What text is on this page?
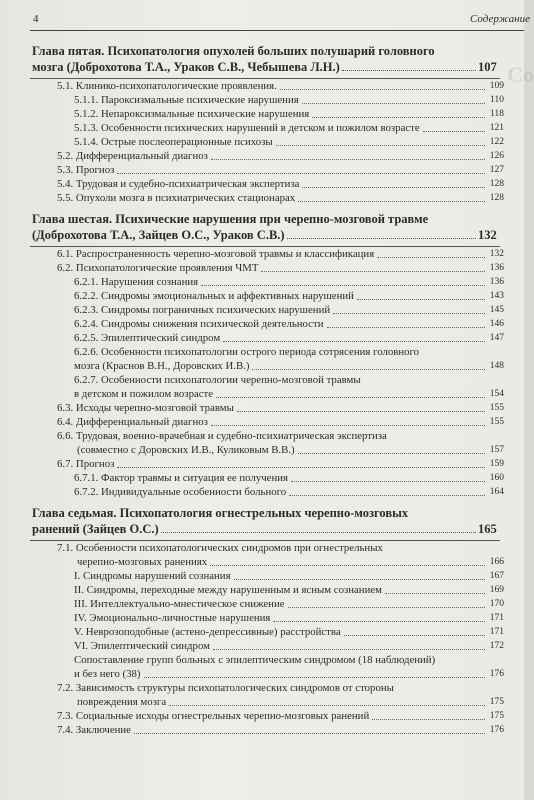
4	Содержание
Co
Глава пятая. Психопатология опухолей больших полушарий головного
мозга (Доброхотова Т.А., Ураков С.В., Чебышева Л.Н.)	107
5.1. Клинико-психопатологические проявления.	109
5.1.1. Пароксизмальные психические нарушения	110
5.1.2. Непароксизмальные психические нарушения	118
5.1.3. Особенности психических нарушений в детском и пожилом возрасте	121
5.1.4. Острые послеоперационные психозы	122
5.2. Дифференциальный диагноз	126
5.3. Прогноз	127
5.4. Трудовая и судебно-психиатрическая экспертиза	128
5.5. Опухоли мозга в психиатрических стационарах	128
Глава шестая. Психические нарушения при черепно-мозговой травме
(Доброхотова Т.А., Зайцев О.С., Ураков С.В.)	132
6.1. Распространенность черепно-мозговой травмы и классификация	132
6.2. Психопатологические проявления ЧМТ	136
6.2.1. Нарушения сознания	136
6.2.2. Синдромы эмоциональных и аффективных нарушений	143
6.2.3. Синдромы пограничных психических нарушений	145
6.2.4. Синдромы снижения психической деятельности	146
6.2.5. Эпилептический синдром	147
6.2.6. Особенности психопатологии острого периода сотрясения головного
мозга (Краснов В.Н., Доровских И.В.)	148
6.2.7. Особенности психопатологии черепно-мозговой травмы
в детском и пожилом возрасте	154
6.3. Исходы черепно-мозговой травмы	155
6.4. Дифференциальный диагноз	155
6.6. Трудовая, военно-врачебная и судебно-психиатрическая экспертиза
(совместно с Доровских И.В., Куликовым В.В.)	157
6.7. Прогноз	159
6.7.1. Фактор травмы и ситуация ее получения	160
6.7.2. Индивидуальные особенности больного	164
Глава седьмая. Психопатология огнестрельных черепно-мозговых
ранений (Зайцев О.С.)	165
7.1. Особенности психопатологических синдромов при огнестрельных
черепно-мозговых ранениях	166
I. Синдромы нарушений сознания	167
II. Синдромы, переходные между нарушенным и ясным сознанием	169
III. Интеллектуально-мнестическое снижение	170
IV. Эмоционально-личностные нарушения	171
V. Неврозоподобные (астено-депрессивные) расстройства	171
VI. Эпилептический синдром	172
Сопоставление групп больных с эпилептическим синдромом (18 наблюдений)
и без него (38)	176
7.2. Зависимость структуры психопатологических синдромов от стороны
повреждения мозга	175
7.3. Социальные исходы огнестрельных черепно-мозговых ранений	175
7.4. Заключение	176
